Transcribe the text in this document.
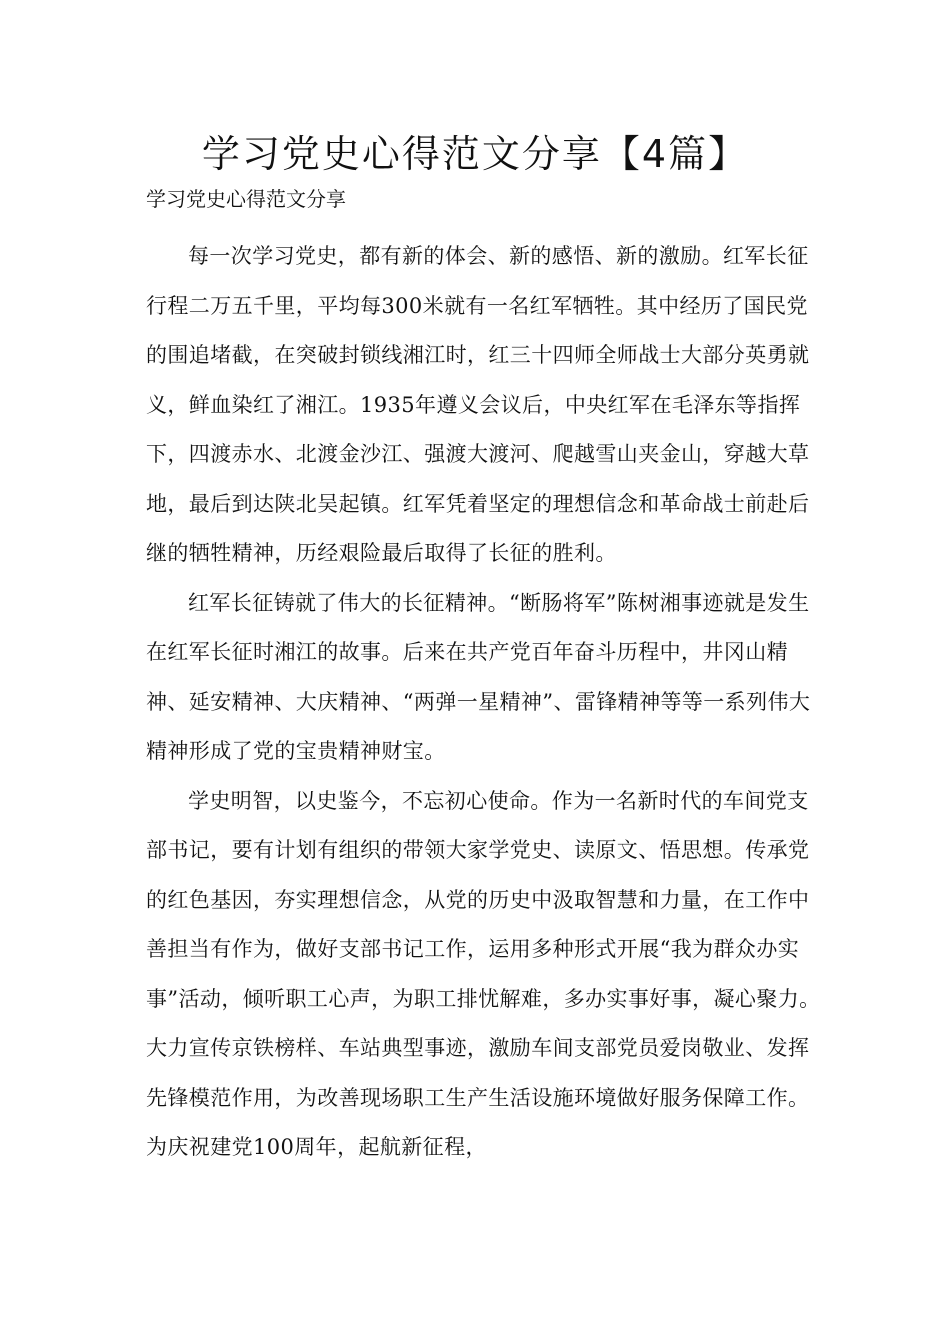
学习党史心得范文分享【4篇】
学习党史心得范文分享

每一次学习党史，都有新的体会、新的感悟、新的激励。红军长征行程二万五千里，平均每300米就有一名红军牺牲。其中经历了国民党的围追堵截，在突破封锁线湘江时，红三十四师全师战士大部分英勇就义，鲜血染红了湘江。1935年遵义会议后，中央红军在毛泽东等指挥下，四渡赤水、北渡金沙江、强渡大渡河、爬越雪山夹金山，穿越大草地，最后到达陕北吴起镇。红军凭着坚定的理想信念和革命战士前赴后继的牺牲精神，历经艰险最后取得了长征的胜利。

红军长征铸就了伟大的长征精神。“断肠将军”陈树湘事迹就是发生在红军长征时湘江的故事。后来在共产党百年奋斗历程中，井冈山精神、延安精神、大庆精神、“两弹一星精神”、雷锋精神等等一系列伟大精神形成了党的宝贵精神财宝。

学史明智，以史鉴今，不忘初心使命。作为一名新时代的车间党支部书记，要有计划有组织的带领大家学党史、读原文、悟思想。传承党的红色基因，夯实理想信念，从党的历史中汲取智慧和力量，在工作中善担当有作为，做好支部书记工作，运用多种形式开展“我为群众办实事”活动，倾听职工心声，为职工排忧解难，多办实事好事，凝心聚力。大力宣传京铁榜样、车站典型事迹，激励车间支部党员爱岗敬业、发挥先锋模范作用，为改善现场职工生产生活设施环境做好服务保障工作。为庆祝建党100周年，起航新征程，
